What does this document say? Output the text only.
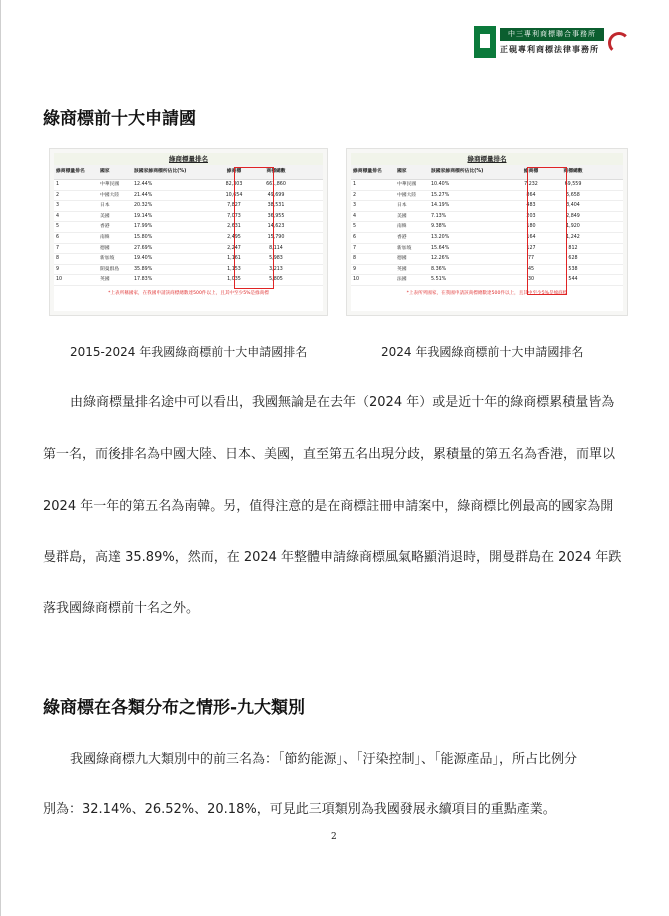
中三專利商標聯合事務所
正硯專利商標法律事務所
綠商標前十大申請國
綠商標量排名
綠商標量排名	國家	該國家綠商標所佔比(%)	綠商標	商標總數
1	中華民國	12.44%	82,303	661,860
2	中國大陸	21.44%	10,654	49,699
3	日本	20.32%	7,827	38,531
4	美國	19.14%	7,073	36,955
5	香港	17.99%	2,631	14,623
6	南韓	15.80%	2,495	15,790
7	德國	27.69%	2,247	8,114
8	新加坡	19.40%	1,161	5,983
9	開曼群島	35.89%	1,153	3,213
10	英國	17.83%	1,035	5,805
*上表所稱國家，在我國申請該商標總數達500件以上，且其中至少5%是綠商標
綠商標量排名
綠商標量排名	國家	該國家綠商標所佔比(%)	綠商標	商標總數
1	中華民國	10.40%	7,232	69,559
2	中國大陸	15.27%	864	5,658
3	日本	14.19%	483	3,404
4	美國	7.13%	203	2,849
5	南韓	9.38%	180	1,920
6	香港	13.20%	164	1,242
7	新加坡	15.64%	127	812
8	德國	12.26%	77	628
9	英國	8.36%	45	538
10	法國	5.51%	30	544
*上表所列國家，在我國申請該商標總數達500件以上，且其中至少5%是綠商標
2015-2024 年我國綠商標前十大申請國排名	2024 年我國綠商標前十大申請國排名
由綠商標量排名途中可以看出，我國無論是在去年（2024 年）或是近十年的綠商標累積量皆為
第一名，而後排名為中國大陸、日本、美國，直至第五名出現分歧，累積量的第五名為香港，而單以
2024 年一年的第五名為南韓。另，值得注意的是在商標註冊申請案中，綠商標比例最高的國家為開
曼群島，高達 35.89%，然而，在 2024 年整體申請綠商標風氣略顯消退時，開曼群島在 2024 年跌
落我國綠商標前十名之外。
綠商標在各類分布之情形-九大類別
我國綠商標九大類別中的前三名為：「節約能源」、「汙染控制」、「能源產品」，所占比例分
別為：32.14%、26.52%、20.18%，可見此三項類別為我國發展永續項目的重點產業。
2
